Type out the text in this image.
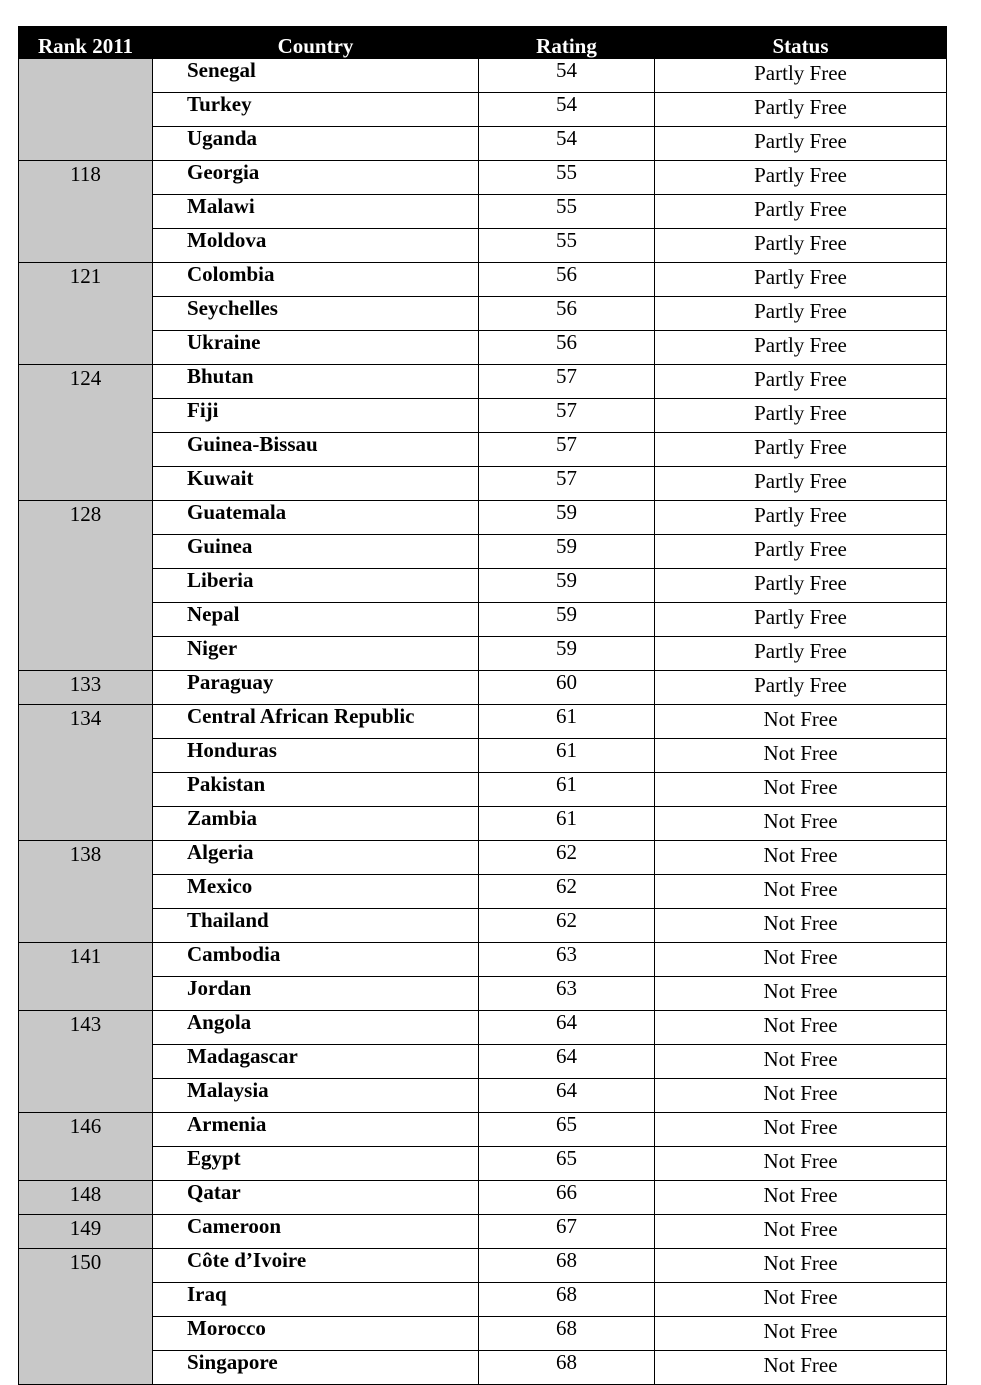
Rank 2011	Country	Rating	Status
	Senegal	54	Partly Free
	Turkey	54	Partly Free
	Uganda	54	Partly Free
118	Georgia	55	Partly Free
	Malawi	55	Partly Free
	Moldova	55	Partly Free
121	Colombia	56	Partly Free
	Seychelles	56	Partly Free
	Ukraine	56	Partly Free
124	Bhutan	57	Partly Free
	Fiji	57	Partly Free
	Guinea-Bissau	57	Partly Free
	Kuwait	57	Partly Free
128	Guatemala	59	Partly Free
	Guinea	59	Partly Free
	Liberia	59	Partly Free
	Nepal	59	Partly Free
	Niger	59	Partly Free
133	Paraguay	60	Partly Free
134	Central African Republic	61	Not Free
	Honduras	61	Not Free
	Pakistan	61	Not Free
	Zambia	61	Not Free
138	Algeria	62	Not Free
	Mexico	62	Not Free
	Thailand	62	Not Free
141	Cambodia	63	Not Free
	Jordan	63	Not Free
143	Angola	64	Not Free
	Madagascar	64	Not Free
	Malaysia	64	Not Free
146	Armenia	65	Not Free
	Egypt	65	Not Free
148	Qatar	66	Not Free
149	Cameroon	67	Not Free
150	Côte d’Ivoire	68	Not Free
	Iraq	68	Not Free
	Morocco	68	Not Free
	Singapore	68	Not Free
